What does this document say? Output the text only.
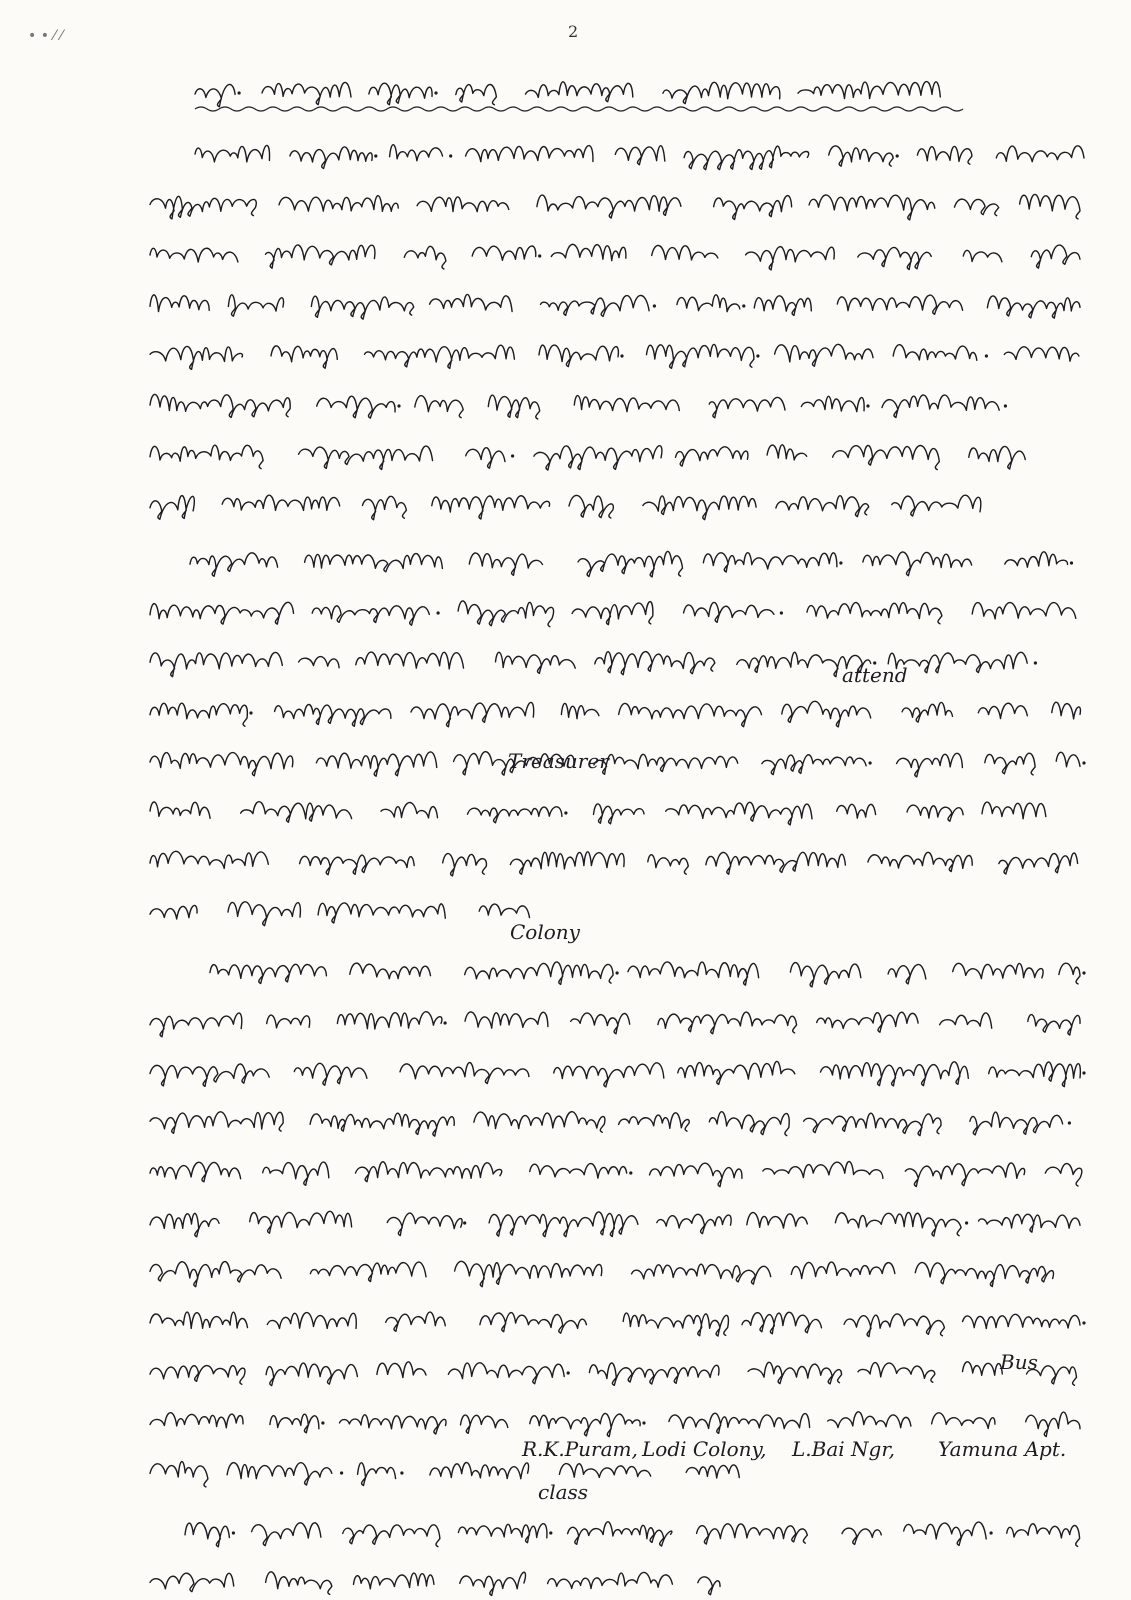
2
• • ⁄ ⁄
attend
Treasurer
Colony
R.K.Puram, Lodi Colony, L.Bai Ngr, Yamuna Apt.
class
Bus
